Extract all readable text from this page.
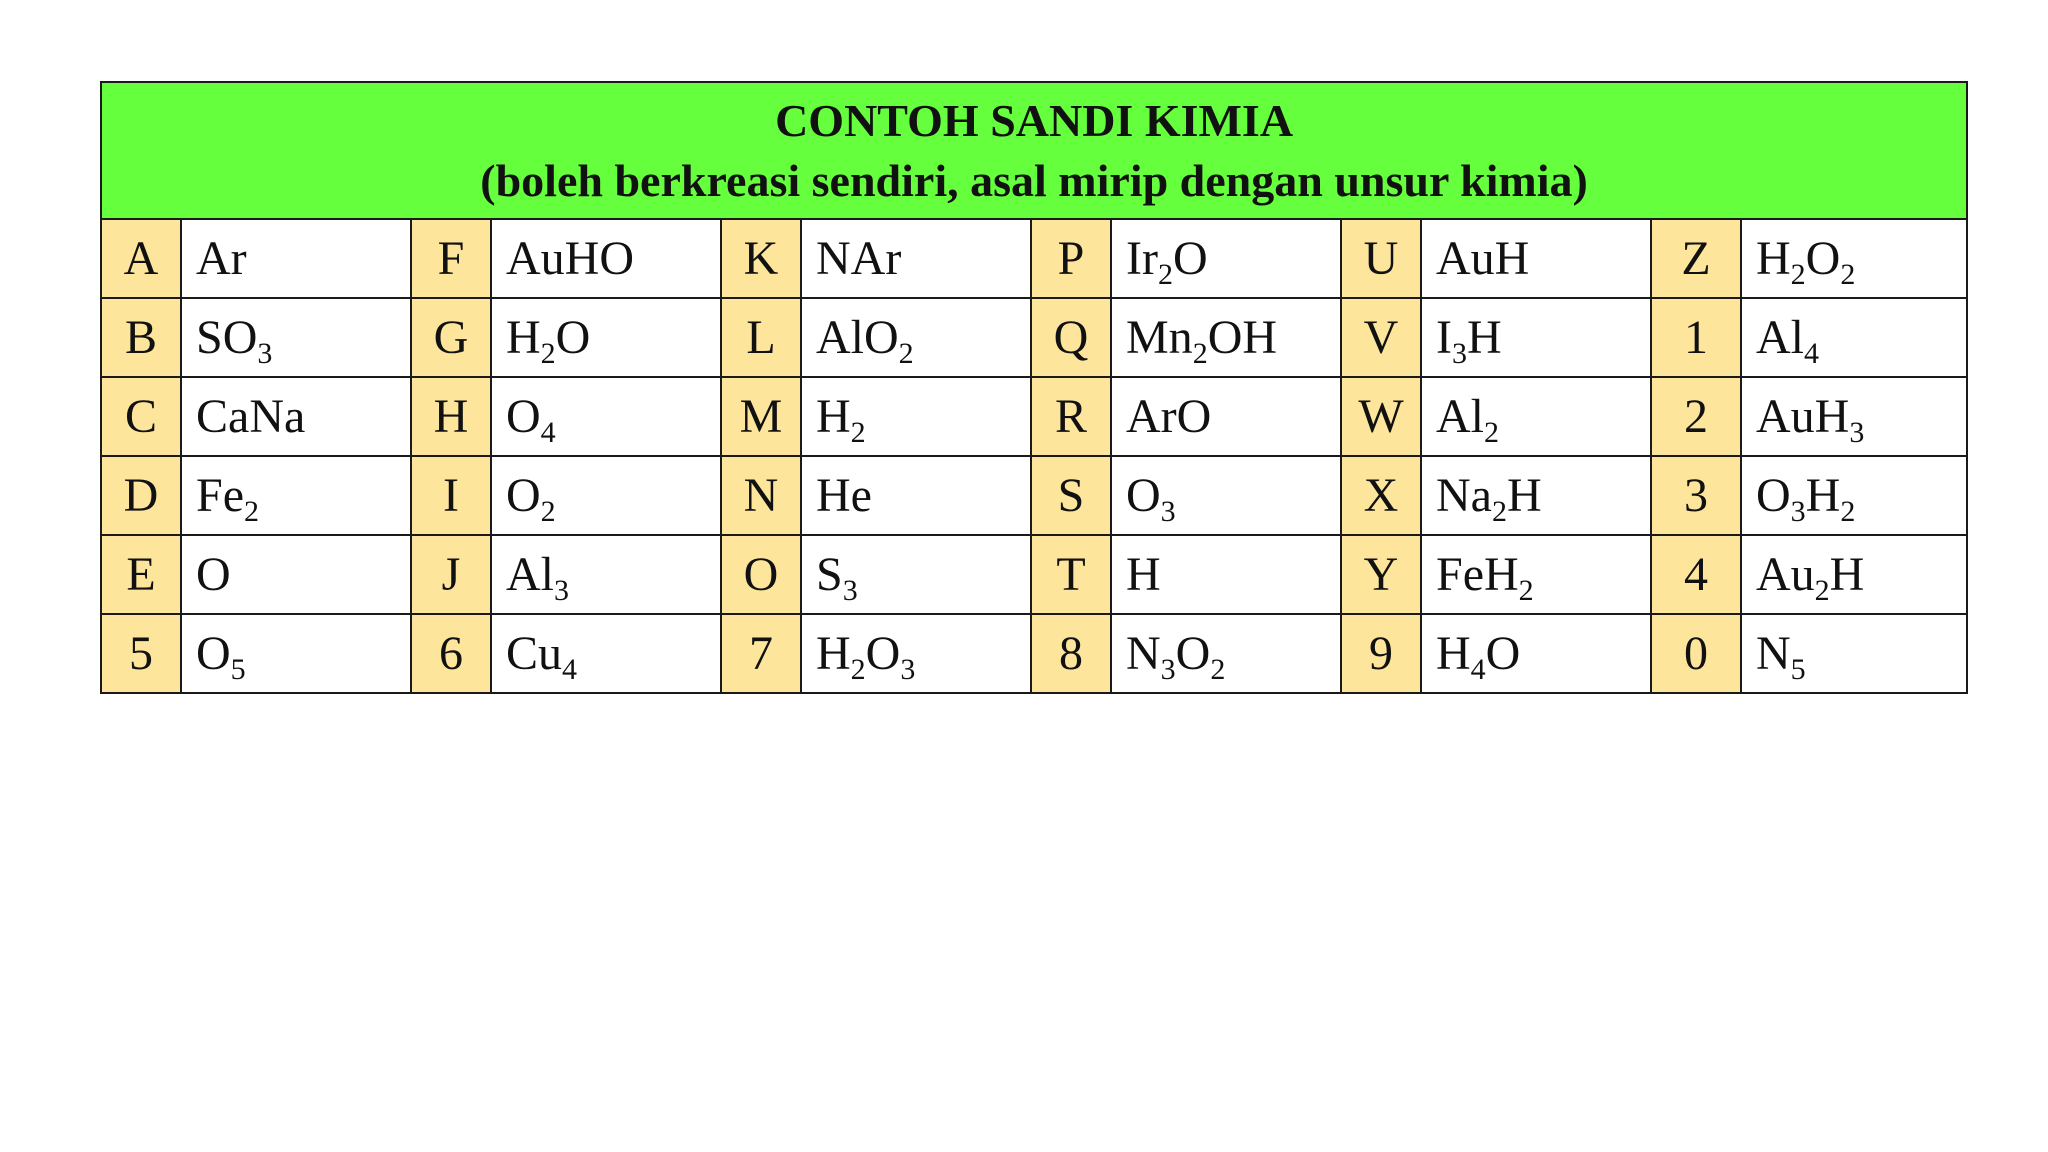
CONTOH SANDI KIMIA
(boleh berkreasi sendiri, asal mirip dengan unsur kimia)											

A	Ar	F	AuHO	K	NAr	P	$Ir_2O$	U	AuH	Z	$H_2O_2$
B	$SO_3$	G	$H_2O$	L	AlO$_2$	Q	$Mn_2OH$	V	$I_3H$	1	$Al_4$
C	CaNa	H	$O_4$	M	$H_2$	R	ArO	W	$Al_2$	2	AuH$_3$
D	$Fe_2$	I	$O_2$	N	He	S	$O_3$	X	$Na_2H$	3	$O_3H_2$
E	O	J	$Al_3$	O	$S_3$	T	H	Y	FeH$_2$	4	$Au_2H$
5	$O_5$	6	$Cu_4$	7	$H_2O_3$	8	$N_3O_2$	9	$H_4O$	0	$N_5$
